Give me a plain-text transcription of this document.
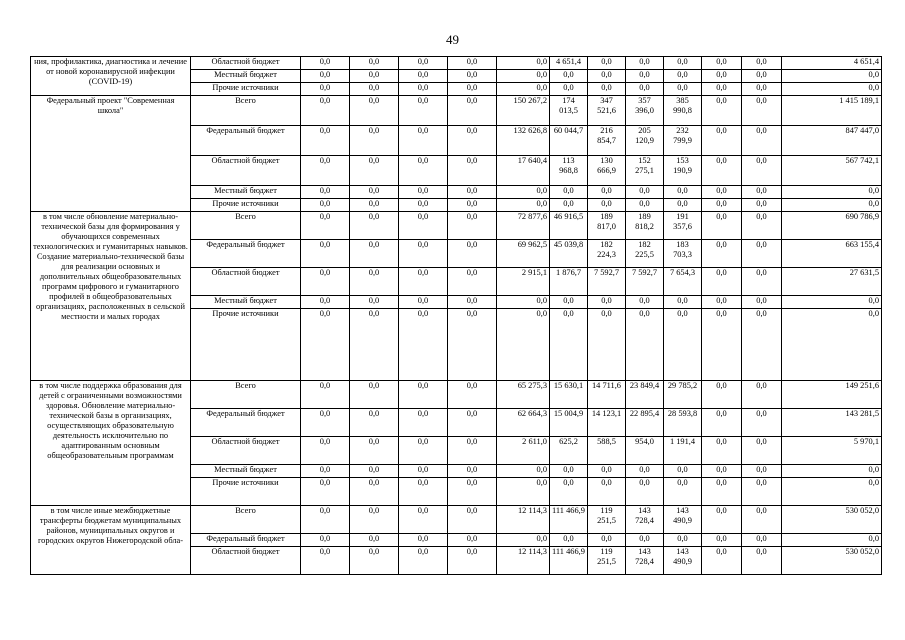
49
ния, профилактика, диагностика и лечение от новой коронавирусной инфекции (COVID-19)	Областной бюджет	0,0	0,0	0,0	0,0	0,0	4 651,4	0,0	0,0	0,0	0,0	0,0	4 651,4
	Местный бюджет	0,0	0,0	0,0	0,0	0,0	0,0	0,0	0,0	0,0	0,0	0,0	0,0
	Прочие источники	0,0	0,0	0,0	0,0	0,0	0,0	0,0	0,0	0,0	0,0	0,0	0,0
Федеральный проект "Современная школа"	Всего	0,0	0,0	0,0	0,0	150 267,2	174 013,5	347 521,6	357 396,0	385 990,8	0,0	0,0	1 415 189,1
	Федеральный бюджет	0,0	0,0	0,0	0,0	132 626,8	60 044,7	216 854,7	205 120,9	232 799,9	0,0	0,0	847 447,0
	Областной бюджет	0,0	0,0	0,0	0,0	17 640,4	113 968,8	130 666,9	152 275,1	153 190,9	0,0	0,0	567 742,1
	Местный бюджет	0,0	0,0	0,0	0,0	0,0	0,0	0,0	0,0	0,0	0,0	0,0	0,0
	Прочие источники	0,0	0,0	0,0	0,0	0,0	0,0	0,0	0,0	0,0	0,0	0,0	0,0
в том числе обновление материально-технической базы для формирования у обучающихся современных технологических и гуманитарных навыков. Создание материально-технической базы для реализации основных и дополнительных общеобразовательных программ цифрового и гуманитарного профилей в общеобразовательных организациях, расположенных в сельской местности и малых городах	Всего	0,0	0,0	0,0	0,0	72 877,6	46 916,5	189 817,0	189 818,2	191 357,6	0,0	0,0	690 786,9
	Федеральный бюджет	0,0	0,0	0,0	0,0	69 962,5	45 039,8	182 224,3	182 225,5	183 703,3	0,0	0,0	663 155,4
	Областной бюджет	0,0	0,0	0,0	0,0	2 915,1	1 876,7	7 592,7	7 592,7	7 654,3	0,0	0,0	27 631,5
	Местный бюджет	0,0	0,0	0,0	0,0	0,0	0,0	0,0	0,0	0,0	0,0	0,0	0,0
	Прочие источники	0,0	0,0	0,0	0,0	0,0	0,0	0,0	0,0	0,0	0,0	0,0	0,0
в том числе поддержка образования для детей с ограниченными возможностями здоровья. Обновление материально-технической базы в организациях, осуществляющих образовательную деятельность исключительно по адаптированным основным общеобразовательным программам	Всего	0,0	0,0	0,0	0,0	65 275,3	15 630,1	14 711,6	23 849,4	29 785,2	0,0	0,0	149 251,6
	Федеральный бюджет	0,0	0,0	0,0	0,0	62 664,3	15 004,9	14 123,1	22 895,4	28 593,8	0,0	0,0	143 281,5
	Областной бюджет	0,0	0,0	0,0	0,0	2 611,0	625,2	588,5	954,0	1 191,4	0,0	0,0	5 970,1
	Местный бюджет	0,0	0,0	0,0	0,0	0,0	0,0	0,0	0,0	0,0	0,0	0,0	0,0
	Прочие источники	0,0	0,0	0,0	0,0	0,0	0,0	0,0	0,0	0,0	0,0	0,0	0,0
в том числе иные межбюджетные трансферты бюджетам муниципальных районов, муниципальных округов и городских округов Нижегородской обла-	Всего	0,0	0,0	0,0	0,0	12 114,3	111 466,9	119 251,5	143 728,4	143 490,9	0,0	0,0	530 052,0
	Федеральный бюджет	0,0	0,0	0,0	0,0	0,0	0,0	0,0	0,0	0,0	0,0	0,0	0,0
	Областной бюджет	0,0	0,0	0,0	0,0	12 114,3	111 466,9	119 251,5	143 728,4	143 490,9	0,0	0,0	530 052,0
